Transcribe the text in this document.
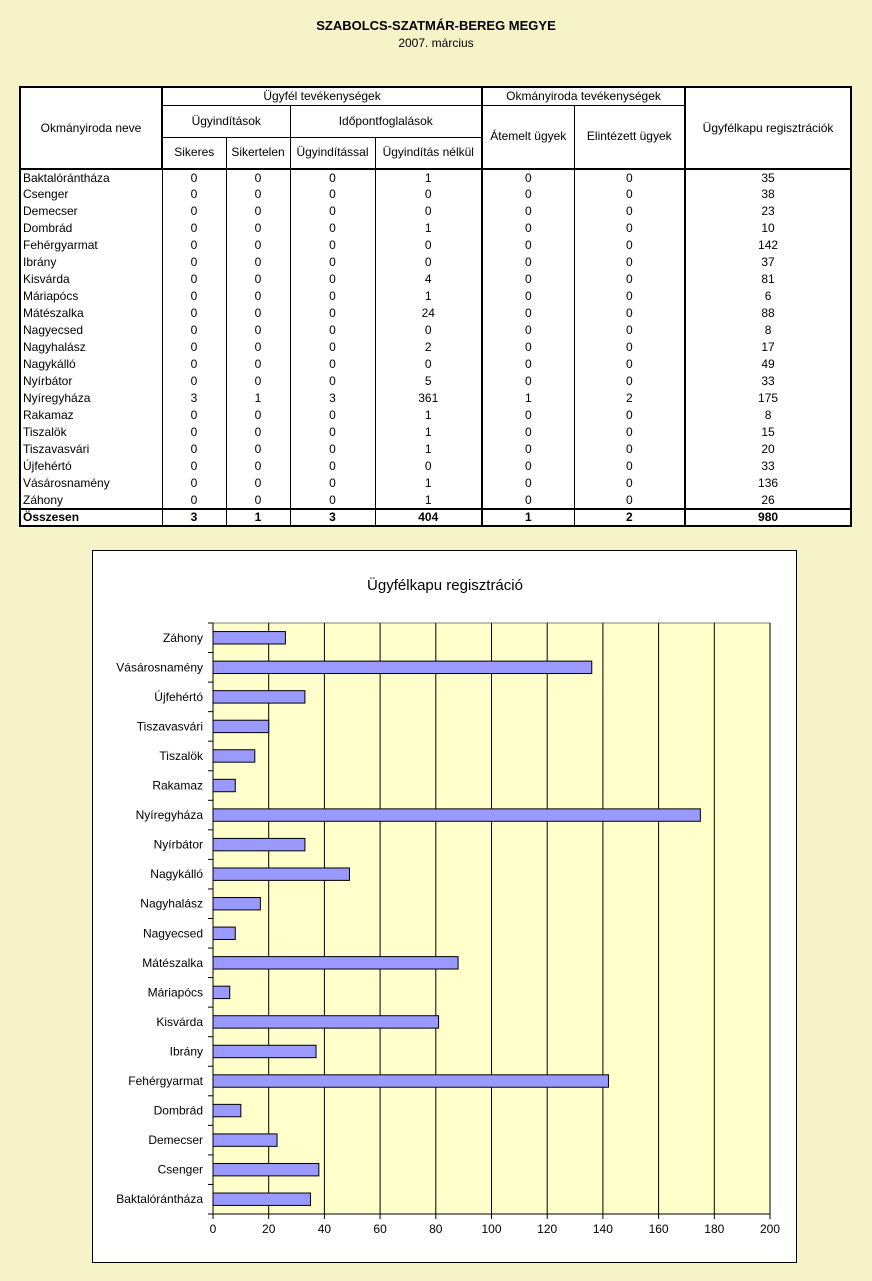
SZABOLCS-SZATMÁR-BEREG MEGYE
2007. március
Okmányiroda neve	Ügyfél tevékenységek				Okmányiroda tevékenységek		Ügyfélkapu regisztrációk
	Ügyindítások		Időpontfoglalások		Átemelt ügyek	Elintézett ügyek	
	Sikeres	Sikertelen	Ügyindítással	Ügyindítás nélkül			
Baktalórántháza	0	0	0	1	0	0	35
Csenger	0	0	0	0	0	0	38
Demecser	0	0	0	0	0	0	23
Dombrád	0	0	0	1	0	0	10
Fehérgyarmat	0	0	0	0	0	0	142
Ibrány	0	0	0	0	0	0	37
Kisvárda	0	0	0	4	0	0	81
Máriapócs	0	0	0	1	0	0	6
Mátészalka	0	0	0	24	0	0	88
Nagyecsed	0	0	0	0	0	0	8
Nagyhalász	0	0	0	2	0	0	17
Nagykálló	0	0	0	0	0	0	49
Nyírbátor	0	0	0	5	0	0	33
Nyíregyháza	3	1	3	361	1	2	175
Rakamaz	0	0	0	1	0	0	8
Tiszalök	0	0	0	1	0	0	15
Tiszavasvári	0	0	0	1	0	0	20
Újfehértó	0	0	0	0	0	0	33
Vásárosnamény	0	0	0	1	0	0	136
Záhony	0	0	0	1	0	0	26
Összesen	3	1	3	404	1	2	980
Ügyfélkapu regisztráció
0	20	40	60	80	100	120	140	160	180	200
Baktalórántháza
Csenger
Demecser
Dombrád
Fehérgyarmat
Ibrány
Kisvárda
Máriapócs
Mátészalka
Nagyecsed
Nagyhalász
Nagykálló
Nyírbátor
Nyíregyháza
Rakamaz
Tiszalök
Tiszavasvári
Újfehértó
Vásárosnamény
Záhony
